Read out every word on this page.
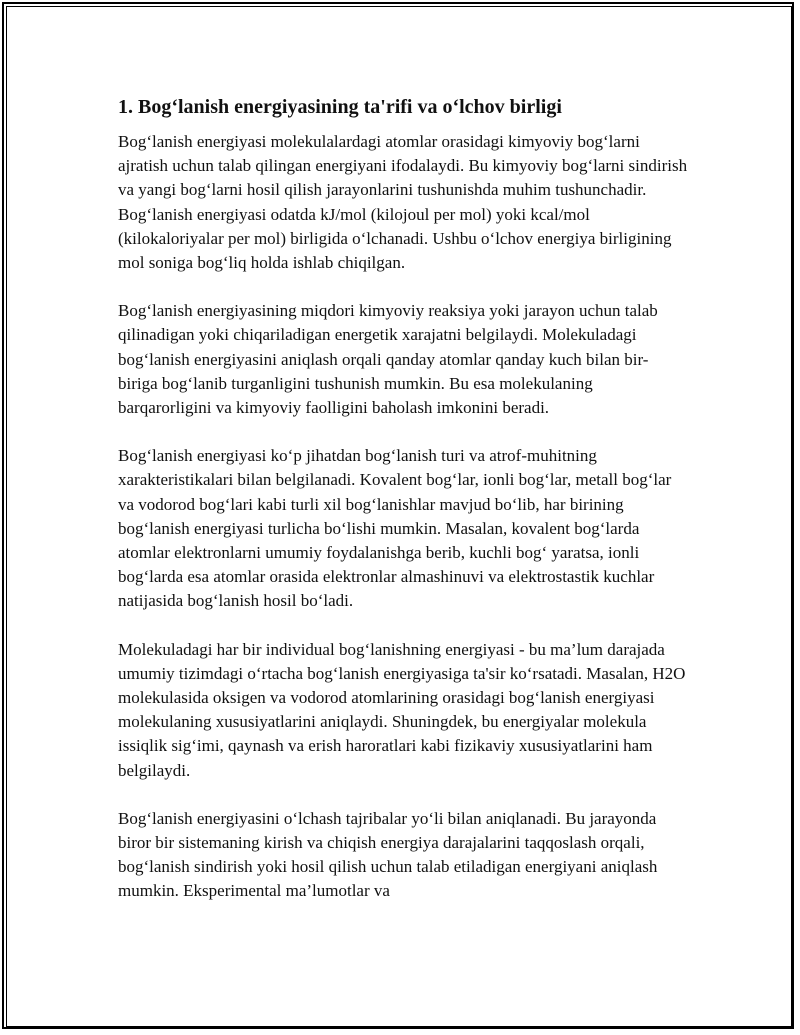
1. Bog‘lanish energiyasining ta'rifi va o‘lchov birligi

Bog‘lanish energiyasi molekulalardagi atomlar orasidagi kimyoviy bog‘larni ajratish uchun talab qilingan energiyani ifodalaydi. Bu kimyoviy bog‘larni sindirish va yangi bog‘larni hosil qilish jarayonlarini tushunishda muhim tushunchadir. Bog‘lanish energiyasi odatda kJ/mol (kilojoul per mol) yoki kcal/mol (kilokaloriyalar per mol) birligida o‘lchanadi. Ushbu o‘lchov energiya birligining mol soniga bog‘liq holda ishlab chiqilgan.

Bog‘lanish energiyasining miqdori kimyoviy reaksiya yoki jarayon uchun talab qilinadigan yoki chiqariladigan energetik xarajatni belgilaydi. Molekuladagi bog‘lanish energiyasini aniqlash orqali qanday atomlar qanday kuch bilan bir-biriga bog‘lanib turganligini tushunish mumkin. Bu esa molekulaning barqarorligini va kimyoviy faolligini baholash imkonini beradi.

Bog‘lanish energiyasi ko‘p jihatdan bog‘lanish turi va atrof-muhitning xarakteristikalari bilan belgilanadi. Kovalent bog‘lar, ionli bog‘lar, metall bog‘lar va vodorod bog‘lari kabi turli xil bog‘lanishlar mavjud bo‘lib, har birining bog‘lanish energiyasi turlicha bo‘lishi mumkin. Masalan, kovalent bog‘larda atomlar elektronlarni umumiy foydalanishga berib, kuchli bog‘ yaratsa, ionli bog‘larda esa atomlar orasida elektronlar almashinuvi va elektrostastik kuchlar natijasida bog‘lanish hosil bo‘ladi.

Molekuladagi har bir individual bog‘lanishning energiyasi - bu ma’lum darajada umumiy tizimdagi o‘rtacha bog‘lanish energiyasiga ta'sir ko‘rsatadi. Masalan, H2O molekulasida oksigen va vodorod atomlarining orasidagi bog‘lanish energiyasi molekulaning xususiyatlarini aniqlaydi. Shuningdek, bu energiyalar molekula issiqlik sig‘imi, qaynash va erish haroratlari kabi fizikaviy xususiyatlarini ham belgilaydi.

Bog‘lanish energiyasini o‘lchash tajribalar yo‘li bilan aniqlanadi. Bu jarayonda biror bir sistemaning kirish va chiqish energiya darajalarini taqqoslash orqali, bog‘lanish sindirish yoki hosil qilish uchun talab etiladigan energiyani aniqlash mumkin. Eksperimental ma’lumotlar va
